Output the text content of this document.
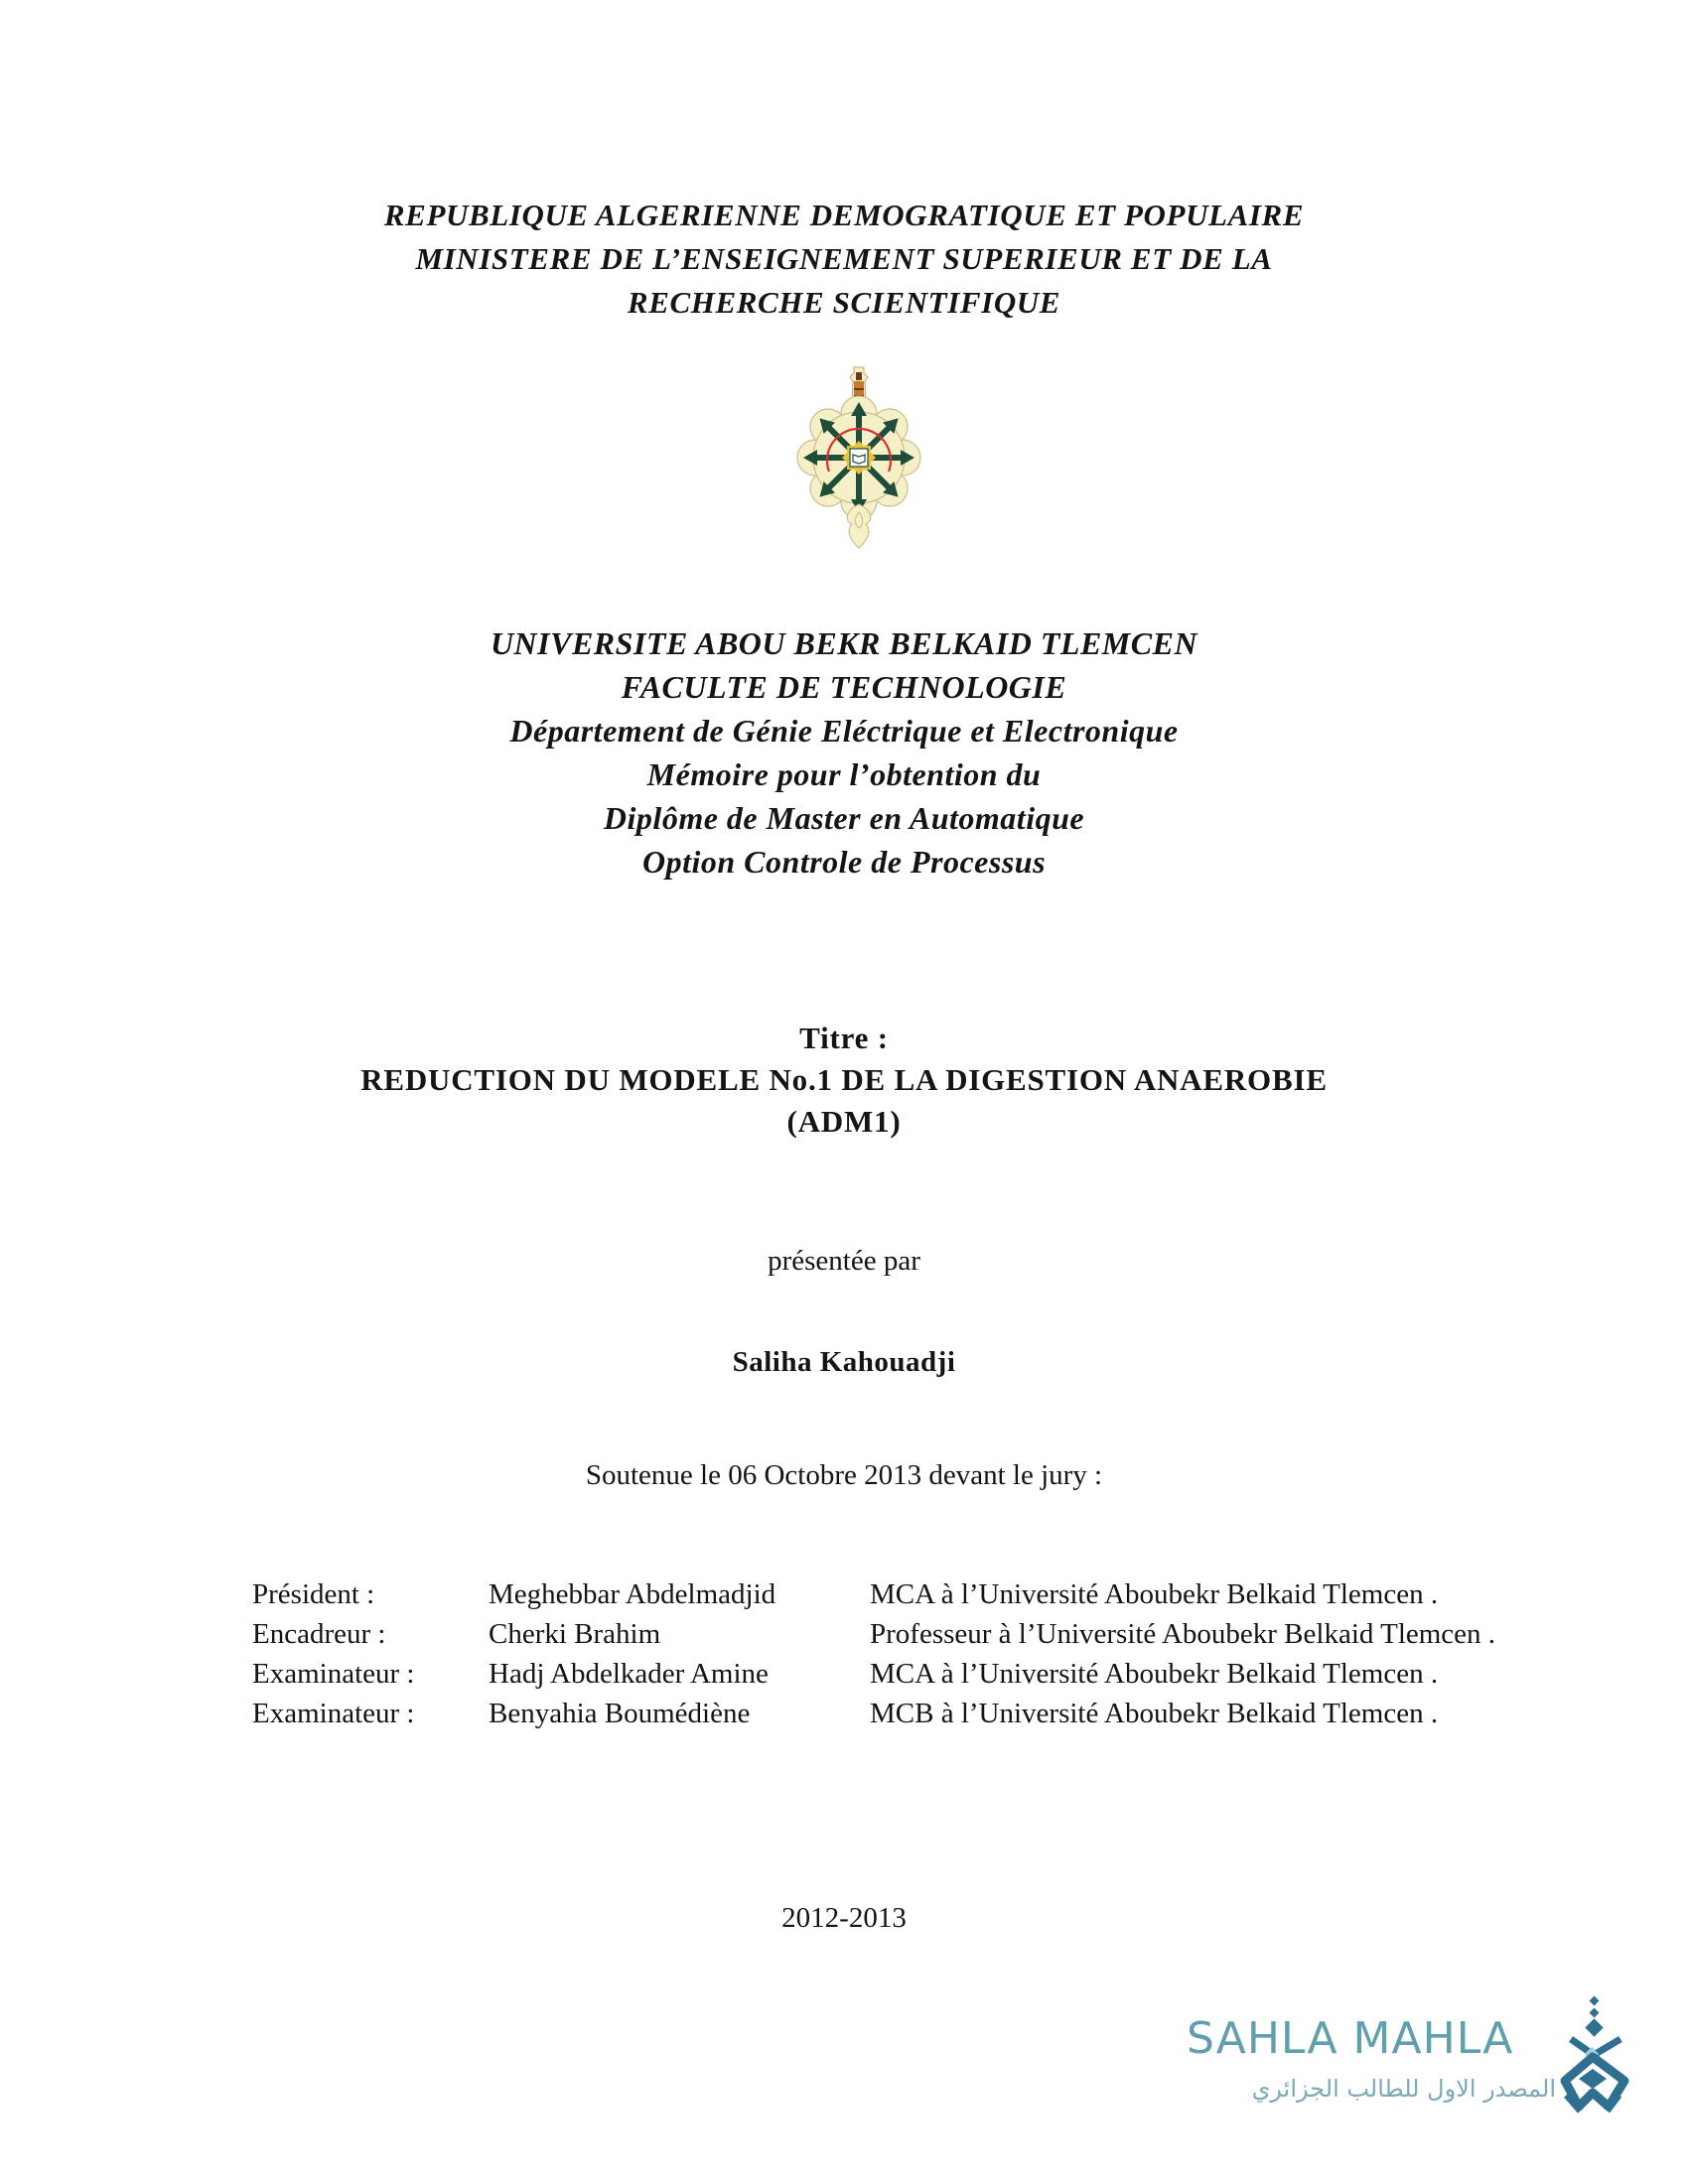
REPUBLIQUE ALGERIENNE DEMOGRATIQUE ET POPULAIRE
MINISTERE DE L’ENSEIGNEMENT SUPERIEUR ET DE LA
RECHERCHE SCIENTIFIQUE
UNIVERSITE ABOU BEKR BELKAID TLEMCEN
FACULTE DE TECHNOLOGIE
Département de Génie Eléctrique et Electronique
Mémoire pour l’obtention du
Diplôme de Master en Automatique
Option Controle de Processus
Titre :
REDUCTION DU MODELE No.1 DE LA DIGESTION ANAEROBIE
(ADM1)
présentée par
Saliha Kahouadji
Soutenue le 06 Octobre 2013 devant le jury :
Président :	Meghebbar Abdelmadjid	MCA à l’Université Aboubekr Belkaid Tlemcen .
Encadreur :	Cherki Brahim	Professeur à l’Université Aboubekr Belkaid Tlemcen .
Examinateur :	Hadj Abdelkader Amine	MCA à l’Université Aboubekr Belkaid Tlemcen .
Examinateur :	Benyahia Boumédiène	MCB à l’Université Aboubekr Belkaid Tlemcen .
2012-2013
SAHLA MAHLA
المصدر الاول للطالب الجزائري
